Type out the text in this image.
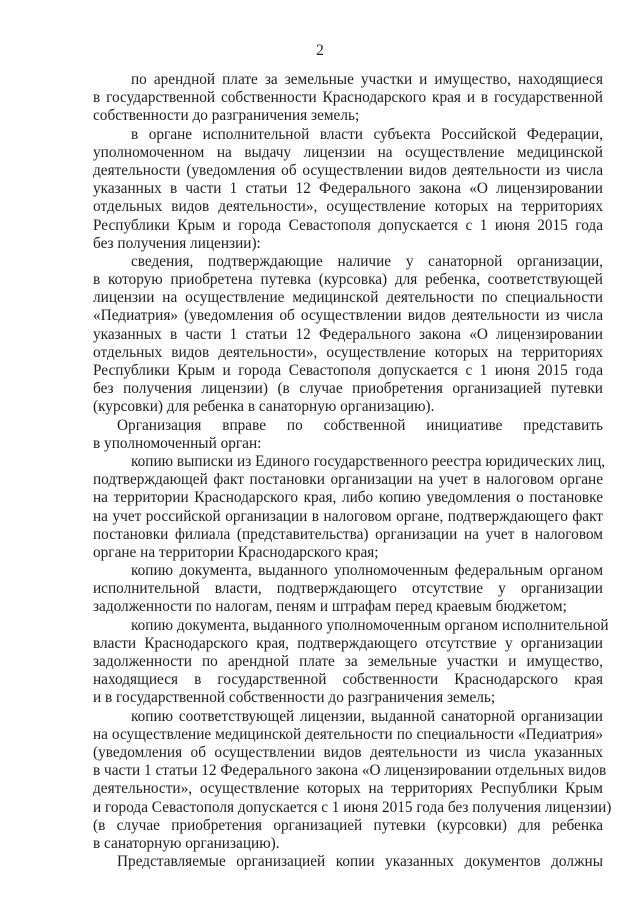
2
по арендной плате за земельные участки и имущество, находящиеся
в государственной собственности Краснодарского края и в государственной
собственности до разграничения земель;
в органе исполнительной власти субъекта Российской Федерации,
уполномоченном на выдачу лицензии на осуществление медицинской
деятельности (уведомления об осуществлении видов деятельности из числа
указанных в части 1 статьи 12 Федерального закона «О лицензировании
отдельных видов деятельности», осуществление которых на территориях
Республики Крым и города Севастополя допускается с 1 июня 2015 года
без получения лицензии):
сведения, подтверждающие наличие у санаторной организации,
в которую приобретена путевка (курсовка) для ребенка, соответствующей
лицензии на осуществление медицинской деятельности по специальности
«Педиатрия» (уведомления об осуществлении видов деятельности из числа
указанных в части 1 статьи 12 Федерального закона «О лицензировании
отдельных видов деятельности», осуществление которых на территориях
Республики Крым и города Севастополя допускается с 1 июня 2015 года
без получения лицензии) (в случае приобретения организацией путевки
(курсовки) для ребенка в санаторную организацию).
Организация вправе по собственной инициативе представить
в уполномоченный орган:
копию выписки из Единого государственного реестра юридических лиц,
подтверждающей факт постановки организации на учет в налоговом органе
на территории Краснодарского края, либо копию уведомления о постановке
на учет российской организации в налоговом органе, подтверждающего факт
постановки филиала (представительства) организации на учет в налоговом
органе на территории Краснодарского края;
копию документа, выданного уполномоченным федеральным органом
исполнительной власти, подтверждающего отсутствие у организации
задолженности по налогам, пеням и штрафам перед краевым бюджетом;
копию документа, выданного уполномоченным органом исполнительной
власти Краснодарского края, подтверждающего отсутствие у организации
задолженности по арендной плате за земельные участки и имущество,
находящиеся в государственной собственности Краснодарского края
и в государственной собственности до разграничения земель;
копию соответствующей лицензии, выданной санаторной организации
на осуществление медицинской деятельности по специальности «Педиатрия»
(уведомления об осуществлении видов деятельности из числа указанных
в части 1 статьи 12 Федерального закона «О лицензировании отдельных видов
деятельности», осуществление которых на территориях Республики Крым
и города Севастополя допускается с 1 июня 2015 года без получения лицензии)
(в случае приобретения организацией путевки (курсовки) для ребенка
в санаторную организацию).
Представляемые организацией копии указанных документов должны
